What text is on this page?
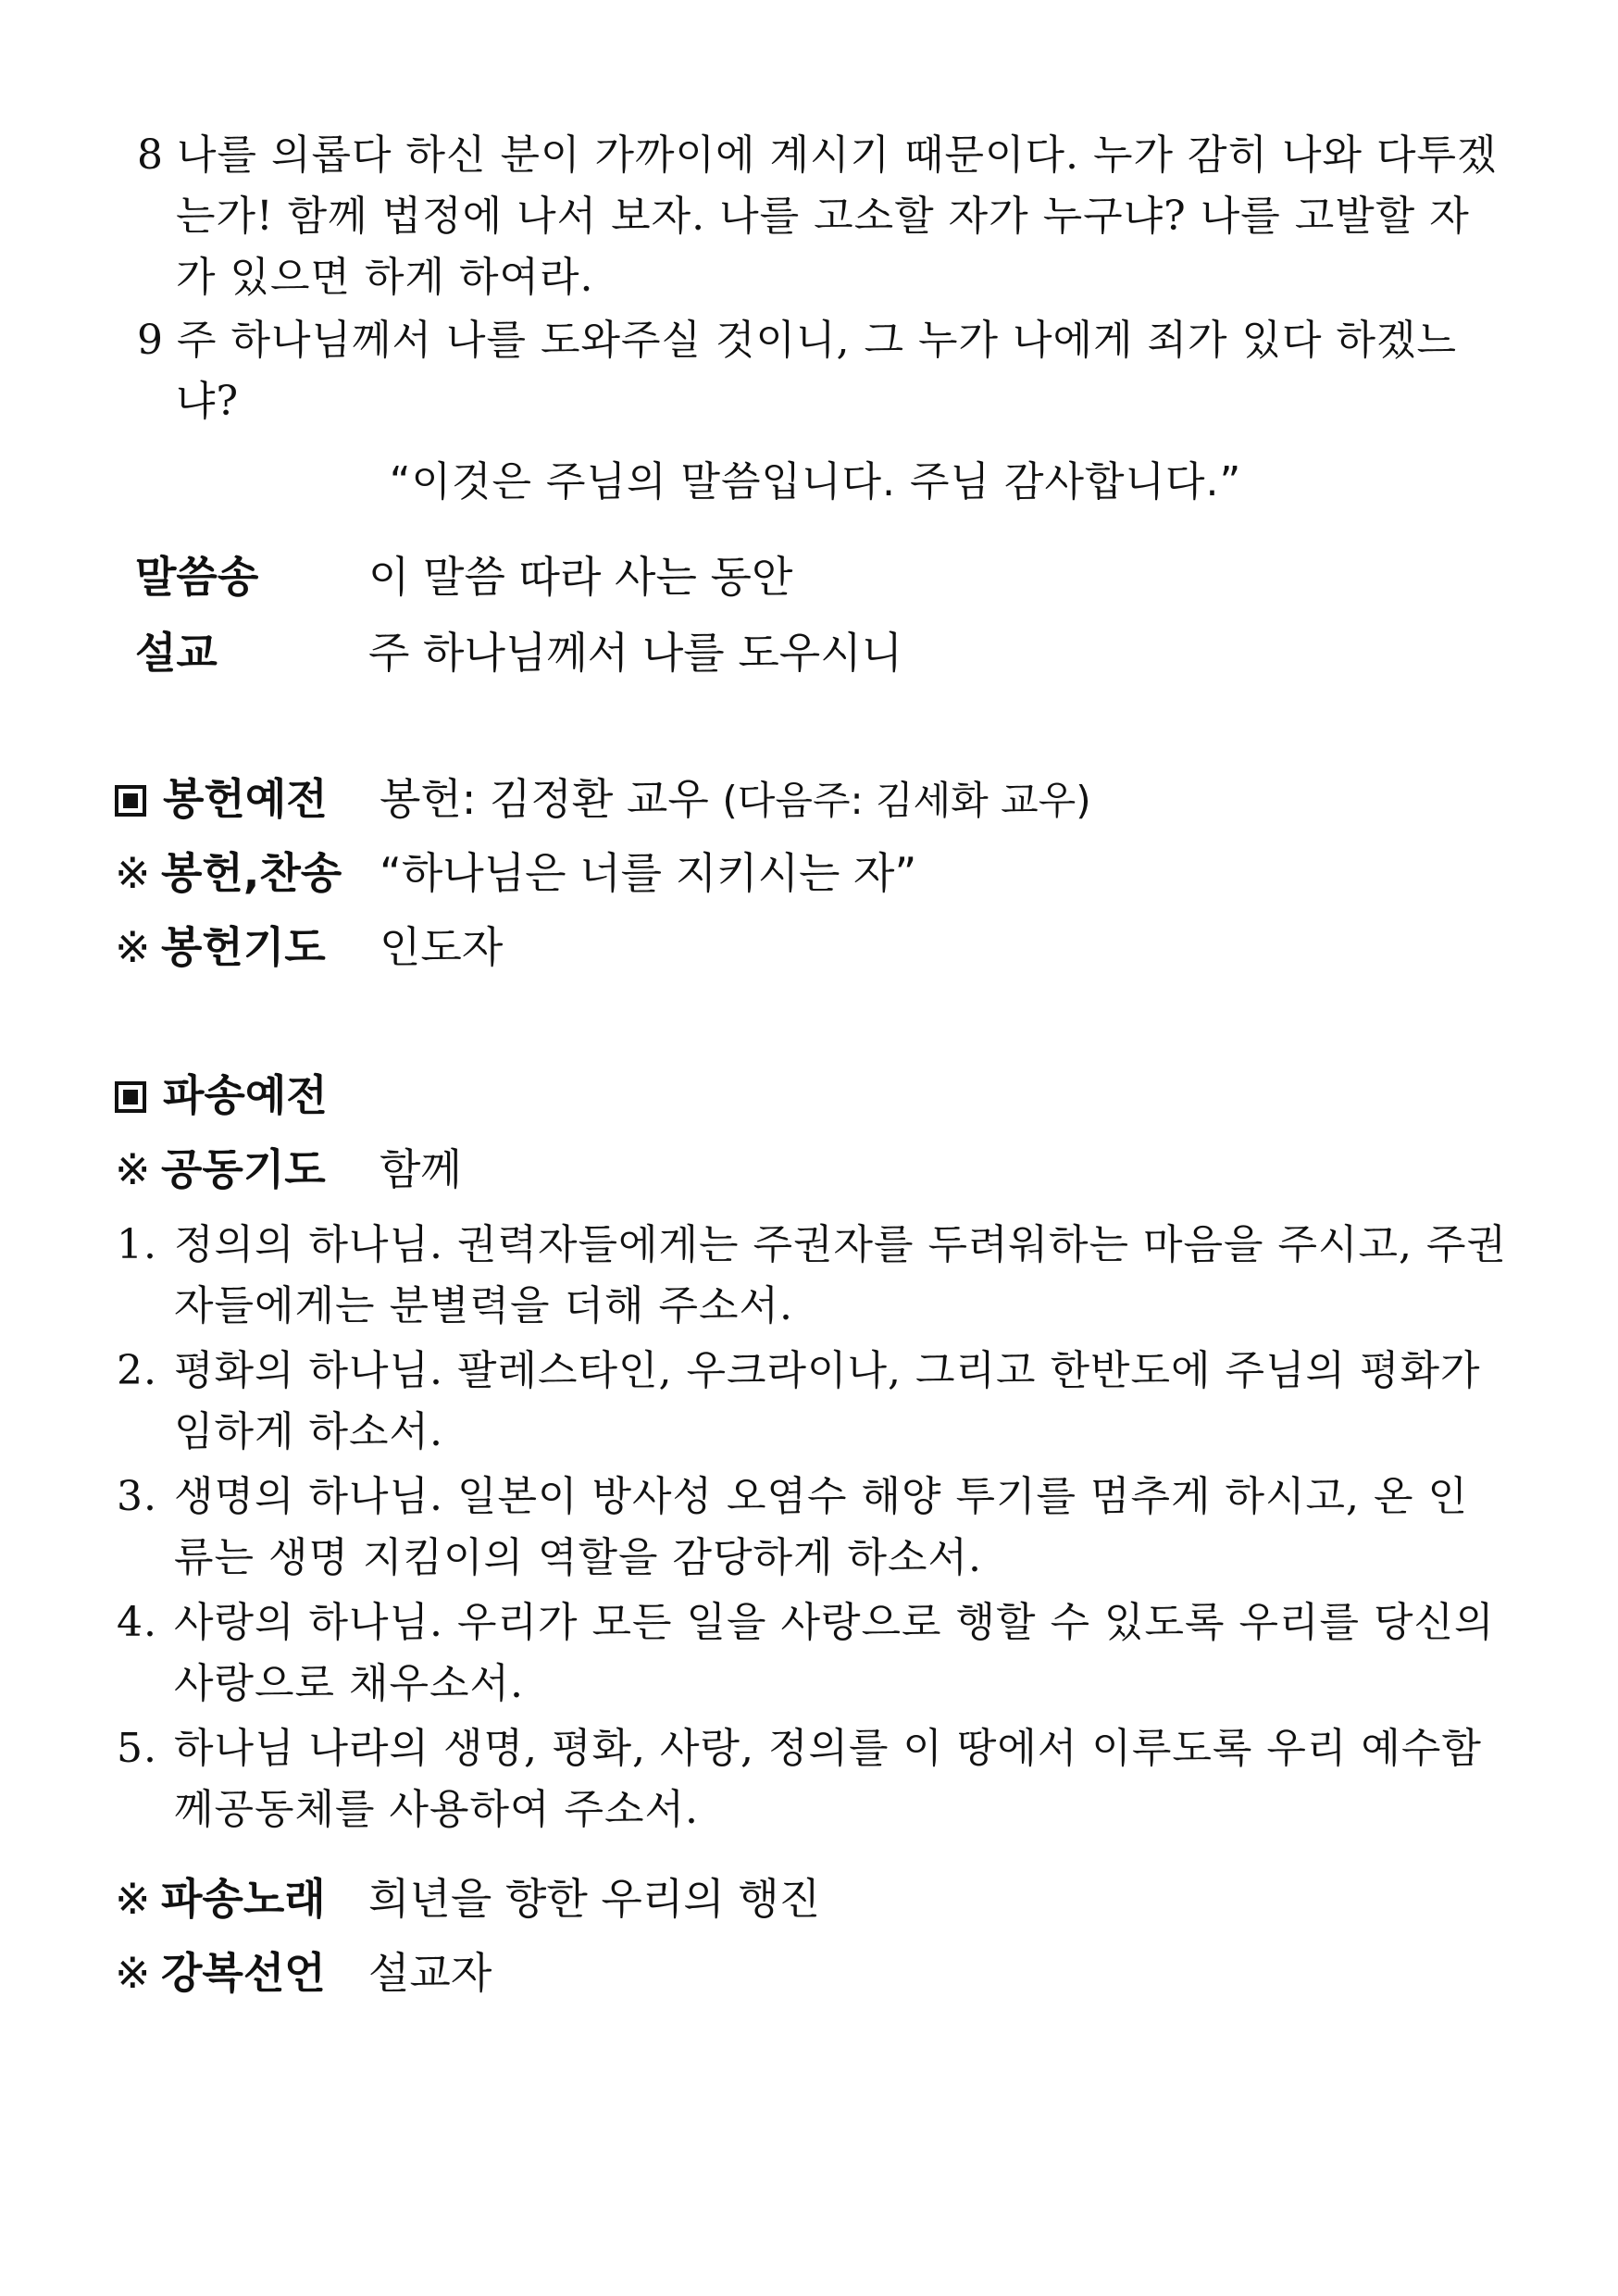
8 나를 의롭다 하신 분이 가까이에 계시기 때문이다. 누가 감히 나와 다투겠
는가! 함께 법정에 나서 보자. 나를 고소할 자가 누구냐? 나를 고발할 자
가 있으면 하게 하여라.
9 주 하나님께서 나를 도와주실 것이니, 그 누가 나에게 죄가 있다 하겠느
냐?
“이것은 주님의 말씀입니다. 주님 감사합니다.”
말씀송	이 말씀 따라 사는 동안
설교	주 하나님께서 나를 도우시니
봉헌예전 봉헌: 김정환 교우 (다음주: 김세화 교우)
※ 봉헌,찬송 “하나님은 너를 지키시는 자”
※ 봉헌기도 인도자
파송예전
※ 공동기도 함께
1. 정의의 하나님. 권력자들에게는 주권자를 두려워하는 마음을 주시고, 주권
자들에게는 분별력을 더해 주소서.
2. 평화의 하나님. 팔레스타인, 우크라이나, 그리고 한반도에 주님의 평화가
임하게 하소서.
3. 생명의 하나님. 일본이 방사성 오염수 해양 투기를 멈추게 하시고, 온 인
류는 생명 지킴이의 역할을 감당하게 하소서.
4. 사랑의 하나님. 우리가 모든 일을 사랑으로 행할 수 있도록 우리를 당신의
사랑으로 채우소서.
5. 하나님 나라의 생명, 평화, 사랑, 정의를 이 땅에서 이루도록 우리 예수함
께공동체를 사용하여 주소서.
※ 파송노래 희년을 향한 우리의 행진
※ 강복선언 설교자
